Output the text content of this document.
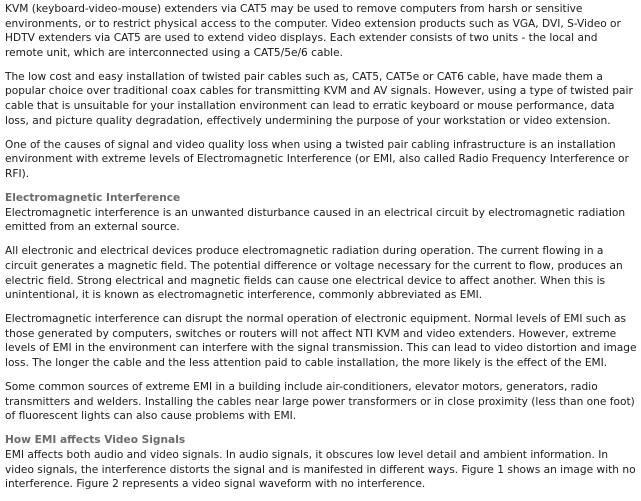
KVM (keyboard-video-mouse) extenders via CAT5 may be used to remove computers from harsh or sensitive environments, or to restrict physical access to the computer. Video extension products such as VGA, DVI, S-Video or HDTV extenders via CAT5 are used to extend video displays. Each extender consists of two units - the local and remote unit, which are interconnected using a CAT5/5e/6 cable.

The low cost and easy installation of twisted pair cables such as, CAT5, CAT5e or CAT6 cable, have made them a popular choice over traditional coax cables for transmitting KVM and AV signals. However, using a type of twisted pair cable that is unsuitable for your installation environment can lead to erratic keyboard or mouse performance, data loss, and picture quality degradation, effectively undermining the purpose of your workstation or video extension.

One of the causes of signal and video quality loss when using a twisted pair cabling infrastructure is an installation environment with extreme levels of Electromagnetic Interference (or EMI, also called Radio Frequency Interference or RFI).

Electromagnetic Interference

Electromagnetic interference is an unwanted disturbance caused in an electrical circuit by electromagnetic radiation emitted from an external source.

All electronic and electrical devices produce electromagnetic radiation during operation. The current flowing in a circuit generates a magnetic field. The potential difference or voltage necessary for the current to flow, produces an electric field. Strong electrical and magnetic fields can cause one electrical device to affect another. When this is unintentional, it is known as electromagnetic interference, commonly abbreviated as EMI.

Electromagnetic interference can disrupt the normal operation of electronic equipment. Normal levels of EMI such as those generated by computers, switches or routers will not affect NTI KVM and video extenders. However, extreme levels of EMI in the environment can interfere with the signal transmission. This can lead to video distortion and image loss. The longer the cable and the less attention paid to cable installation, the more likely is the effect of the EMI.

Some common sources of extreme EMI in a building include air-conditioners, elevator motors, generators, radio transmitters and welders. Installing the cables near large power transformers or in close proximity (less than one foot) of fluorescent lights can also cause problems with EMI.

How EMI affects Video Signals

EMI affects both audio and video signals. In audio signals, it obscures low level detail and ambient information. In video signals, the interference distorts the signal and is manifested in different ways. Figure 1 shows an image with no interference. Figure 2 represents a video signal waveform with no interference.
